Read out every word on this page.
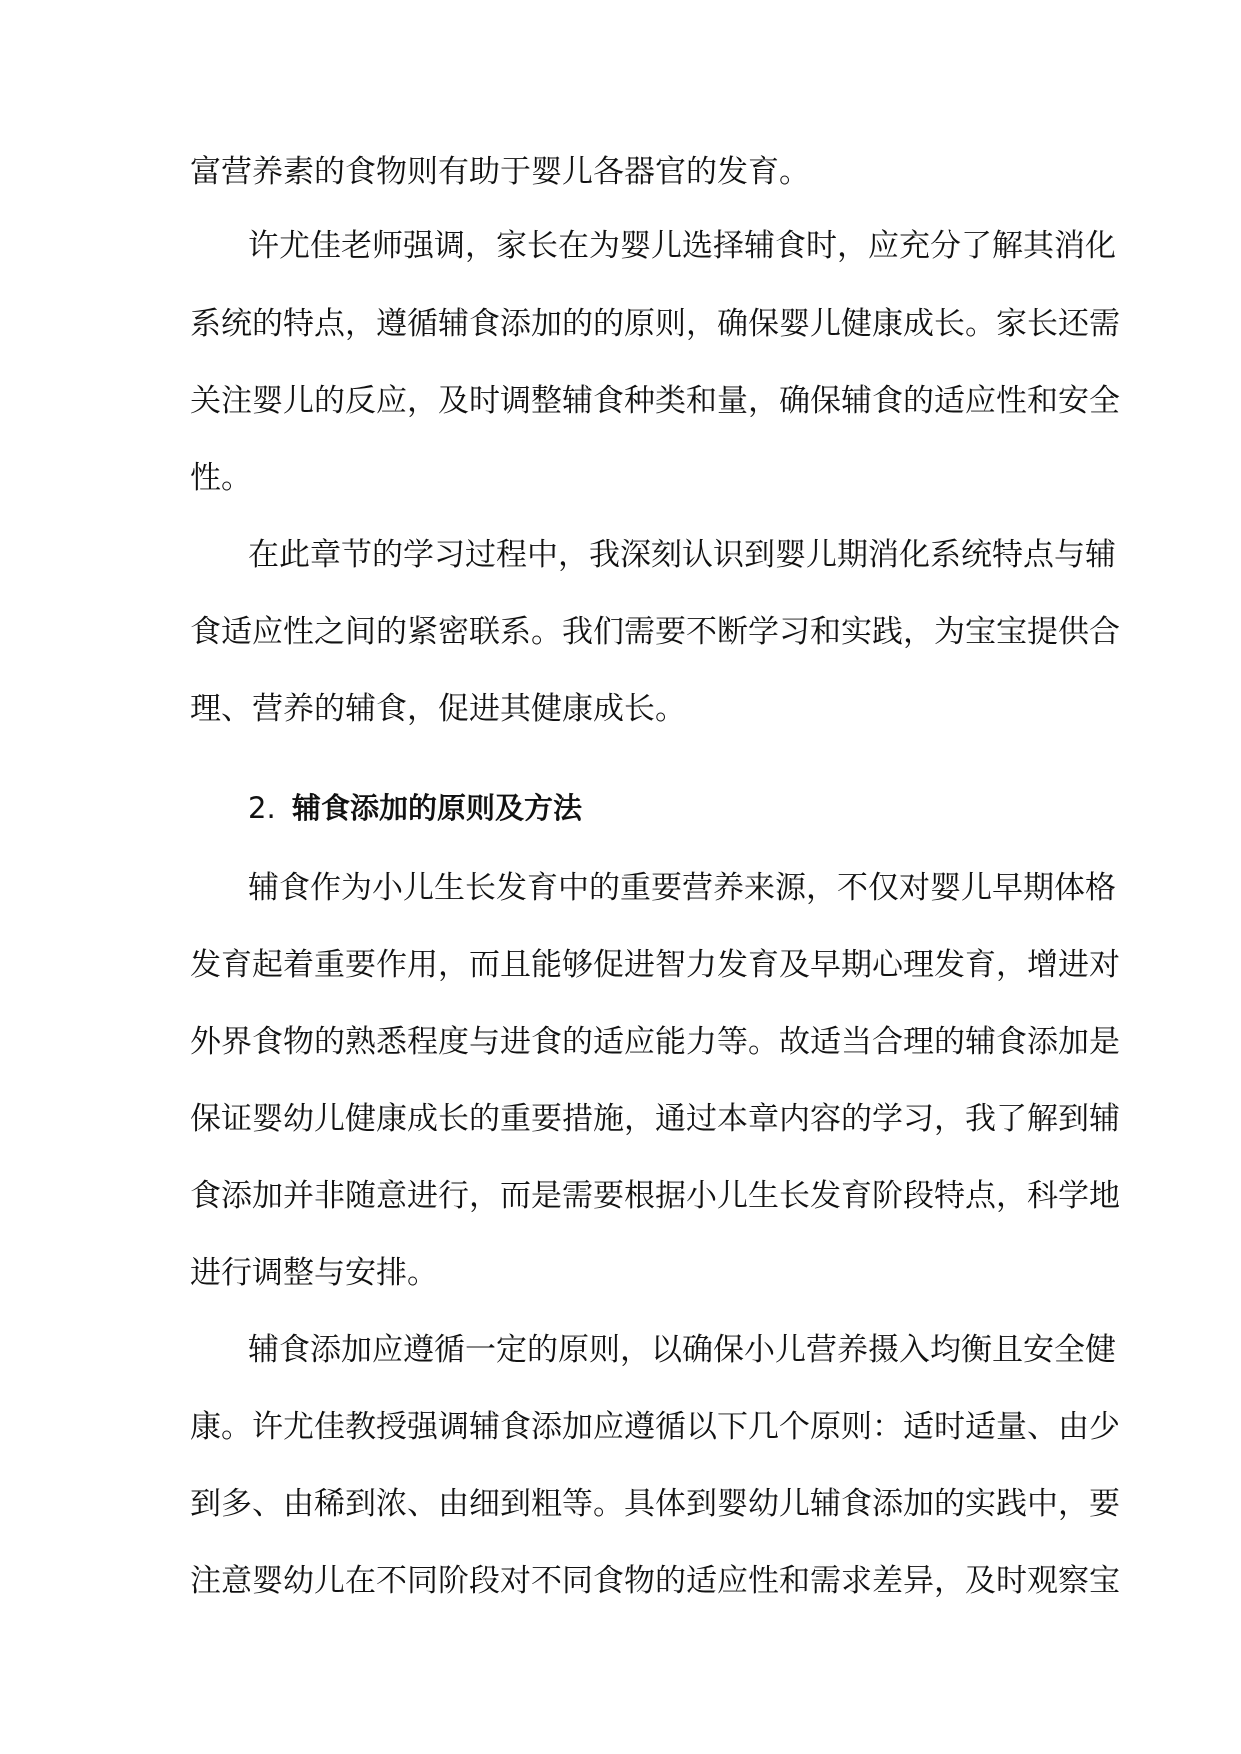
富营养素的食物则有助于婴儿各器官的发育。
许尤佳老师强调，家长在为婴儿选择辅食时，应充分了解其消化
系统的特点，遵循辅食添加的的原则，确保婴儿健康成长。家长还需
关注婴儿的反应，及时调整辅食种类和量，确保辅食的适应性和安全
性。
在此章节的学习过程中，我深刻认识到婴儿期消化系统特点与辅
食适应性之间的紧密联系。我们需要不断学习和实践，为宝宝提供合
理、营养的辅食，促进其健康成长。
2. 辅食添加的原则及方法
辅食作为小儿生长发育中的重要营养来源，不仅对婴儿早期体格
发育起着重要作用，而且能够促进智力发育及早期心理发育，增进对
外界食物的熟悉程度与进食的适应能力等。故适当合理的辅食添加是
保证婴幼儿健康成长的重要措施，通过本章内容的学习，我了解到辅
食添加并非随意进行，而是需要根据小儿生长发育阶段特点，科学地
进行调整与安排。
辅食添加应遵循一定的原则，以确保小儿营养摄入均衡且安全健
康。许尤佳教授强调辅食添加应遵循以下几个原则：适时适量、由少
到多、由稀到浓、由细到粗等。具体到婴幼儿辅食添加的实践中，要
注意婴幼儿在不同阶段对不同食物的适应性和需求差异，及时观察宝
